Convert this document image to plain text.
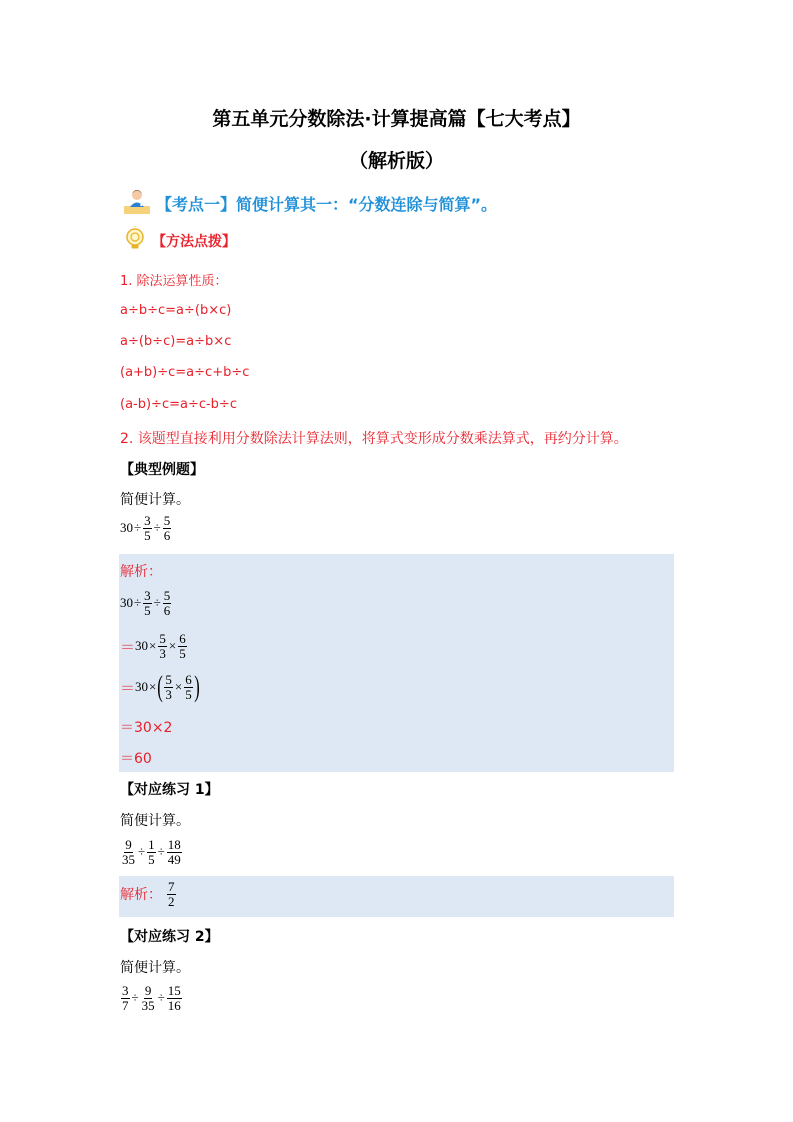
第五单元分数除法·计算提高篇【七大考点】
（解析版）
【考点一】简便计算其一：“分数连除与简算”。
【方法点拨】
1. 除法运算性质：
a÷b÷c=a÷(b×c)
a÷(b÷c)=a÷b×c
(a+b)÷c=a÷c+b÷c
(a-b)÷c=a÷c-b÷c
2. 该题型直接利用分数除法计算法则，将算式变形成分数乘法算式，再约分计算。
【典型例题】
简便计算。
$30 \div \frac{3}{5} \div \frac{5}{6}$
解析：
$30 \div \frac{3}{5} \div \frac{5}{6}$
＝ $30 \times \frac{5}{3} \times \frac{6}{5}$
＝ 30 × ( $\frac{5}{3} \times \frac{6}{5}$ )
＝30×2
＝60
【对应练习 1】
简便计算。
$\frac{9}{35} \div \frac{1}{5} \div \frac{18}{49}$
解析： $\frac{7}{2}$
【对应练习 2】
简便计算。
$\frac{3}{7} \div \frac{9}{35} \div \frac{15}{16}$
